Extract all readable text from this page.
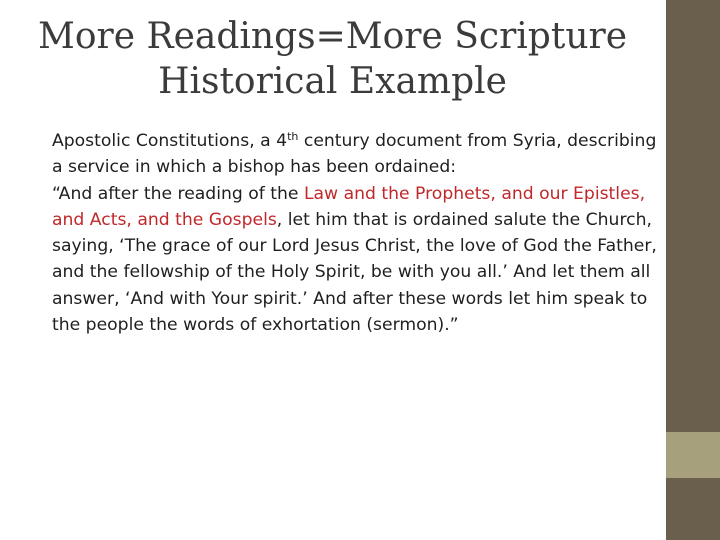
More Readings=More Scripture
Historical Example

Apostolic Constitutions, a 4th century document from Syria, describing a service in which a bishop has been ordained:

“And after the reading of the Law and the Prophets, and our Epistles, and Acts, and the Gospels, let him that is ordained salute the Church, saying, ‘The grace of our Lord Jesus Christ, the love of God the Father, and the fellowship of the Holy Spirit, be with you all.’ And let them all answer, ‘And with Your spirit.’ And after these words let him speak to the people the words of exhortation (sermon).”
